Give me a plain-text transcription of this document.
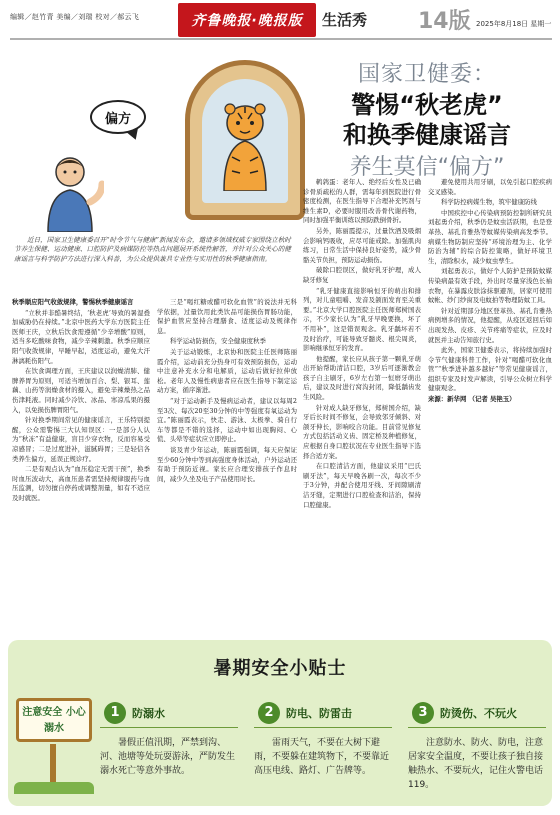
编辑／赵竹青 美编／刘瑞 校对／郝云飞	齐鲁晚报·晚报版	生活秀 14版 2025年8月18日 星期一
偏方
国家卫健委：
警惕“秋老虎”
和换季健康谣言
养生莫信“偏方”
近日，国家卫生健康委召开“时令节气与健康”新闻发布会，邀请多领域权威专家围绕立秋时节养生保健、运动健康、口腔防护及病媒防控等热点问题展开系统性解答，并针对公众关心的健康谣言与科学防护方法进行深入科普，为公众提供兼具专业性与实用性的秋季健康指南。

秋季顺应阳气收敛规律，警惕秋季健康谣言

“立秋并非酷暑终结，‘秋老虎’导致的暑湿叠加威胁仍在持续。”北京中医药大学东方医院主任医师王庆，立秋后饮食需遵循“少辛增酸”原则，适当多吃酸味食物，减少辛辣刺激。秋季应顺应阳气收敛规律，早睡早起，适度运动，避免大汗淋漓耗伤阳气。

在饮食调理方面，王庆建议以润燥清肺、健脾养胃为原则，可适当增加百合、梨、银耳、莲藕、山药等润燥食材的摄入，避免辛辣燥热之品伤津耗液。同时减少冷饮、冰品、寒凉瓜果的摄入，以免损伤脾胃阳气。

针对换季期间常见的健康谣言，王乐特别提醒，公众需警惕三大认知误区：一是部分人认为“秋冻”有益健康，盲目少穿衣物，反而容易受凉感冒；二是过度进补，滋腻碍胃；三是轻信各类养生偏方，延误正规诊疗。

二是有观点认为“血压稳定无需干预”，换季时血压波动大，高血压患者需坚持规律服药与血压监测，切勿擅自停药或调整剂量，如有不适应及时就医。

三是“喝红糖或醋可软化血管”的说法并无科学依据，过量饮用此类饮品可能损伤胃肠功能，保护血管应坚持合理膳食、适度运动及规律作息。

科学运动防损伤，安全健康度秋季

关于运动锻炼，北京协和医院主任医师陈丽霞介绍，运动前充分热身可有效预防损伤，运动中注意补充水分和电解质，运动后做好拉伸放松。老年人及慢性病患者应在医生指导下制定运动方案，循序渐进。

“对于运动新手及慢病运动者，建议以每周2至3次、每次20至30分钟的中等强度有氧运动为宜。”陈丽霞表示，快走、游泳、太极拳、骑自行车等都是不错的选择，运动中如出现胸闷、心慌、头晕等症状应立即停止。

谈及青少年运动，陈丽霞强调，每天应保证至少60分钟中等到高强度身体活动，户外运动还有助于预防近视。家长应合理安排孩子作息时间，减少久坐及电子产品使用时长。

鹌鹑蛋：老年人、绝经后女性及已确诊骨质疏松的人群，需每年到医院进行骨密度检测，在医生指导下合理补充钙剂与维生素D，必要时服用改善骨代谢药物，同时加强平衡训练以预防跌倒骨折。

另外，陈丽霞提示，过量饮酒及吸烟会影响钙吸收，应尽可能戒除。加强肌肉练习，日常生活中保持良好姿势，减少骨骼关节负担，预防运动损伤。

破除口腔误区，做好乳牙护理，成人缺牙修复

“乳牙健康直接影响恒牙的萌出和排列，对儿童咀嚼、发音及颌面发育至关重要。”北京大学口腔医院主任医师郑树国表示，不少家长认为“乳牙早晚要换，坏了不用补”，这是错误观念。乳牙龋坏若不及时治疗，可能导致牙髓炎、根尖周炎，影响继承恒牙的发育。

他提醒，家长应从孩子第一颗乳牙萌出开始帮助清洁口腔，3岁后可逐渐教会孩子自主刷牙，6岁左右第一恒磨牙萌出后，建议及时进行窝沟封闭，降低龋齿发生风险。

针对成人缺牙修复，郑树国介绍，缺牙后长时间不修复，会导致邻牙倾斜、对颌牙伸长，影响咬合功能。目前常见修复方式包括活动义齿、固定桥及种植修复，应根据自身口腔状况在专业医生指导下选择合适方案。

在口腔清洁方面，他建议采用“巴氏刷牙法”，每天早晚各刷一次，每次不少于3分钟，并配合使用牙线、牙间隙刷清洁牙缝，定期进行口腔检查和洁治，保持口腔健康。

避免使用共用牙刷，以免引起口腔疾病交叉感染。

科学防控病媒生物，筑牢健康防线

中国疾控中心传染病预防控制所研究员刘起勇介绍，秋季仍是蚊虫活跃期，也是登革热、基孔肯雅热等蚊媒传染病高发季节。病媒生物防制应坚持“环境治理为主、化学防治为辅”的综合防控策略，做好环境卫生，清除积水，减少蚊虫孳生。

刘起勇表示，做好个人防护是预防蚊媒传染病最有效手段，外出时尽量穿浅色长袖衣物，在暴露皮肤涂抹驱避剂，居家可使用蚊帐、纱门纱窗及电蚊拍等物理防蚊工具。

针对近期部分地区登革热、基孔肯雅热病例增多的情况，他提醒，从疫区返回后如出现发热、皮疹、关节疼痛等症状，应及时就医并主动告知旅行史。

此外，国家卫健委表示，将持续加强时令节气健康科普工作，针对“喝醋可软化血管”“秋季进补越多越好”等常见健康谣言，组织专家及时发声解读，引导公众树立科学健康观念。

来源：新华网 （记者 吴艳玉）

暑期安全小贴士
注意安全 小心溺水
1	防溺水
暑假正值汛期，严禁到沟、河、池塘等处玩耍游泳，严防发生溺水死亡等意外事故。
2	防电、防雷击
雷雨天气，不要在大树下避雨，不要躲在建筑物下，不要靠近高压电线、路灯、广告牌等。
3	防烫伤、不玩火
注意防水、防火、防电，注意居家安全温度，不要让孩子独自接触热水、不要玩火，记住火警电话119。
